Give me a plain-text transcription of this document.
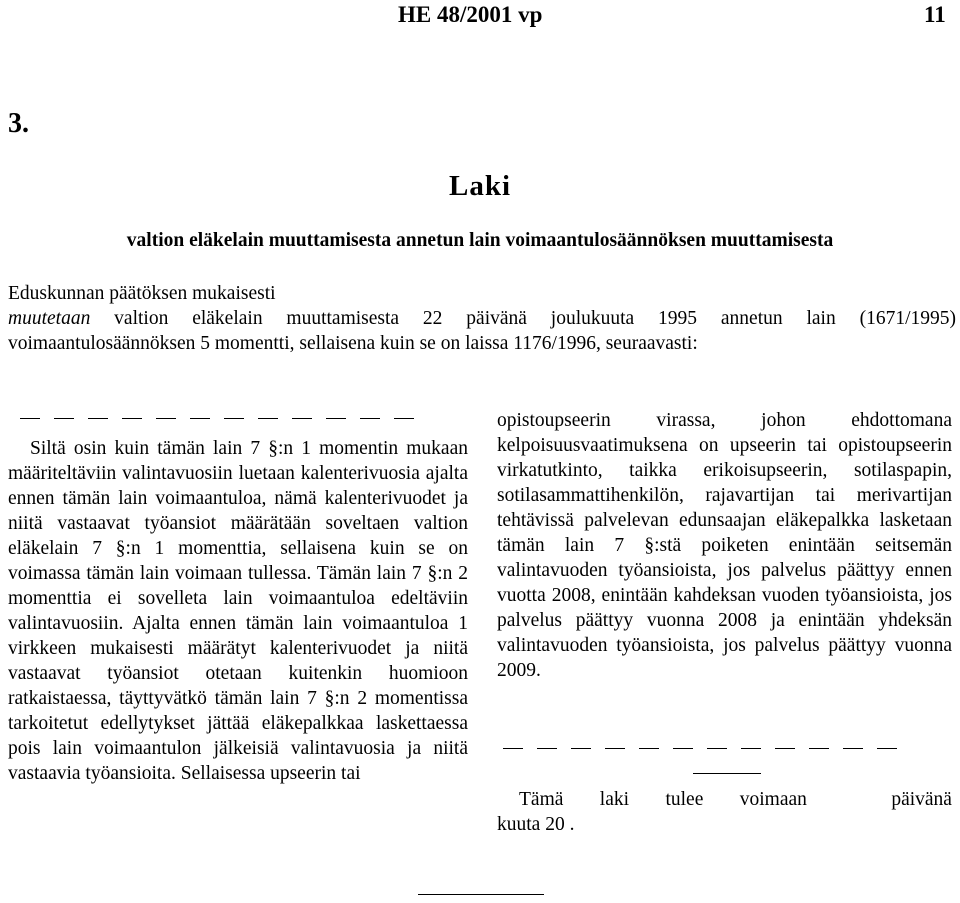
HE 48/2001 vp	11
3.
Laki
valtion eläkelain muuttamisesta annetun lain voimaantulosäännöksen muuttamisesta
Eduskunnan päätöksen mukaisesti
muutetaan valtion eläkelain muuttamisesta 22 päivänä joulukuuta 1995 annetun lain (1671/1995) voimaantulosäännöksen 5 momentti, sellaisena kuin se on laissa 1176/1996, seuraavasti:

Siltä osin kuin tämän lain 7 §:n 1 momentin mukaan määriteltäviin valintavuosiin luetaan kalenterivuosia ajalta ennen tämän lain voimaantuloa, nämä kalenterivuodet ja niitä vastaavat työansiot määrätään soveltaen valtion eläkelain 7 §:n 1 momenttia, sellaisena kuin se on voimassa tämän lain voimaan tullessa. Tämän lain 7 §:n 2 momenttia ei sovelleta lain voimaantuloa edeltäviin valintavuosiin. Ajalta ennen tämän lain voimaantuloa 1 virkkeen mukaisesti määrätyt kalenterivuodet ja niitä vastaavat työansiot otetaan kuitenkin huomioon ratkaistaessa, täyttyvätkö tämän lain 7 §:n 2 momentissa tarkoitetut edellytykset jättää eläkepalkkaa laskettaessa pois lain voimaantulon jälkeisiä valintavuosia ja niitä vastaavia työansioita. Sellaisessa upseerin tai

opistoupseerin virassa, johon ehdottomana kelpoisuusvaatimuksena on upseerin tai opistoupseerin virkatutkinto, taikka erikoisupseerin, sotilaspapin, sotilasammattihenkilön, rajavartijan tai merivartijan tehtävissä palvelevan edunsaajan eläkepalkka lasketaan tämän lain 7 §:stä poiketen enintään seitsemän valintavuoden työansioista, jos palvelus päättyy ennen vuotta 2008, enintään kahdeksan vuoden työansioista, jos palvelus päättyy vuonna 2008 ja enintään yhdeksän valintavuoden työansioista, jos palvelus päättyy vuonna 2009.

Tämä laki tulee voimaan	päivänä
kuuta 20 .
